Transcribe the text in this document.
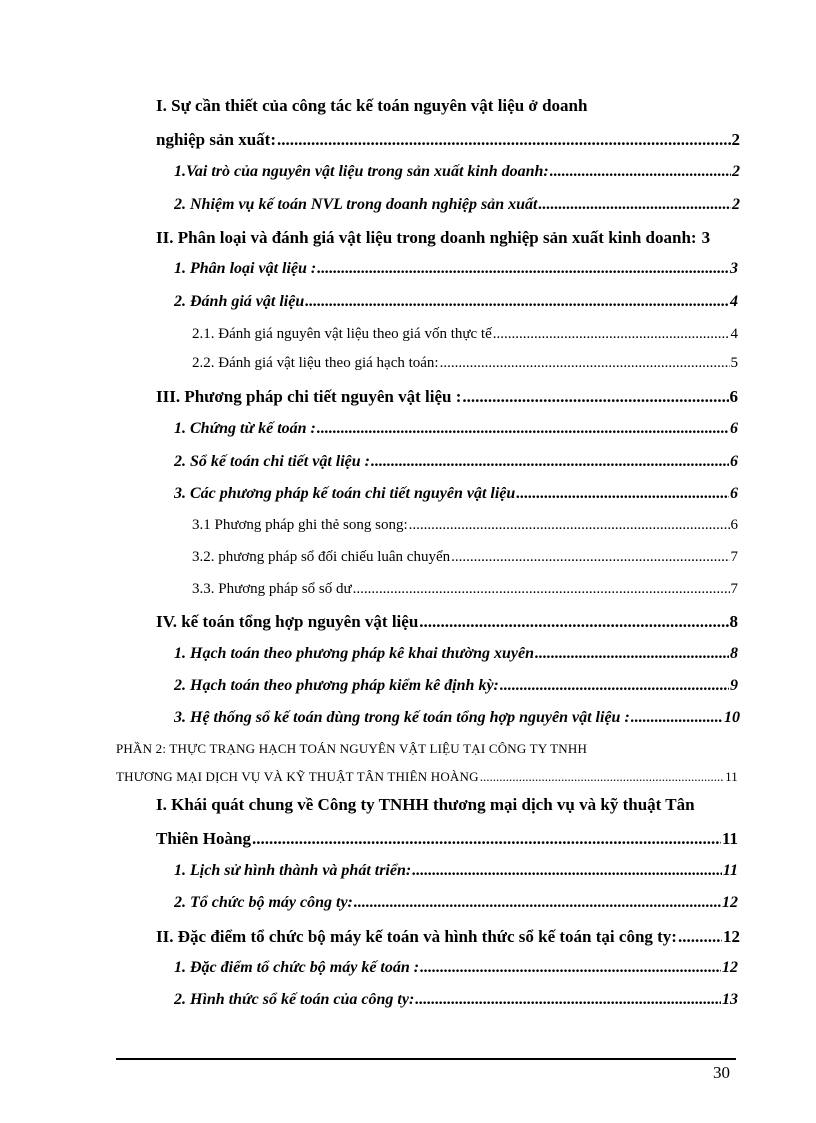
I. Sự cần thiết của công tác kế toán nguyên vật liệu ở doanh
nghiệp sản xuất: .....	2
1.Vai trò của nguyên vật liệu trong sản xuất kinh doanh: .....	2
2. Nhiệm vụ kế toán NVL trong doanh nghiệp sản xuất .....	2
II. Phân loại và đánh giá vật liệu trong doanh nghiệp sản xuất kinh doanh: 3
1. Phân loại vật liệu : .....	3
2. Đánh giá vật liệu .....	4
2.1. Đánh giá nguyên vật liệu theo giá vốn thực tế .....	4
2.2. Đánh giá vật liệu theo giá hạch toán: .....	5
III. Phương pháp chi tiết nguyên vật liệu : .....	6
1. Chứng từ kế toán : .....	6
2. Sổ kế toán chi tiết vật liệu : .....	6
3. Các phương pháp kế toán chi tiết nguyên vật liệu .....	6
3.1 Phương pháp ghi thẻ song song: .....	6
3.2. phương pháp sổ đối chiếu luân chuyển .....	7
3.3. Phương pháp sổ số dư .....	7
IV. kế toán tổng hợp nguyên vật liệu .....	8
1. Hạch toán theo phương pháp kê khai thường xuyên .....	8
2. Hạch toán theo phương pháp kiểm kê định kỳ: .....	9
3. Hệ thống sổ kế toán dùng trong kế toán tổng hợp nguyên vật liệu : .....	10
PHẦN 2: THỰC TRẠNG HẠCH TOÁN NGUYÊN VẬT LIỆU TẠI CÔNG TY TNHH
THƯƠNG MẠI DỊCH VỤ VÀ KỸ THUẬT TÂN THIÊN HOÀNG .....	11
I. Khái quát chung về Công ty TNHH thương mại dịch vụ và kỹ thuật Tân
Thiên Hoàng .....	11
1. Lịch sử hình thành và phát triển: .....	11
2. Tổ chức bộ máy công ty: .....	12
II. Đặc điểm tổ chức bộ máy kế toán và hình thức sổ kế toán tại công ty: .....	12
1. Đặc điểm tổ chức bộ máy kế toán : .....	12
2. Hình thức sổ kế toán của công ty: .....	13
30
